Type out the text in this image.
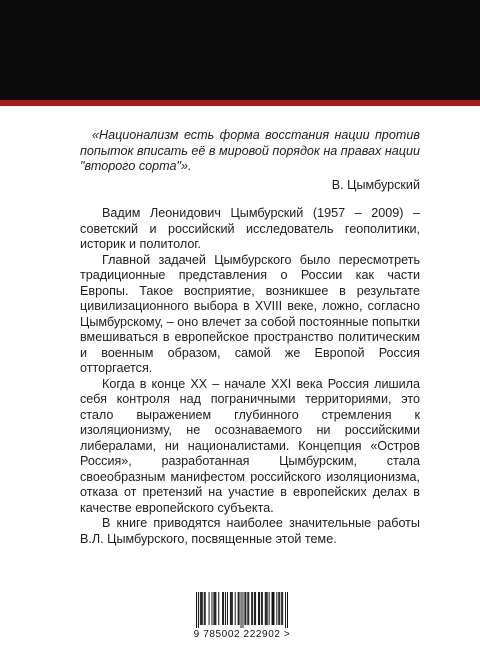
«Национализм есть форма восстания нации против попыток вписать её в мировой порядок на правах нации "второго сорта"».

В. Цымбурский

Вадим Леонидович Цымбурский (1957 – 2009) – советский и российский исследователь геополитики, историк и политолог.

Главной задачей Цымбурского было пересмотреть традиционные представления о России как части Европы. Такое восприятие, возникшее в результате цивилизационного выбора в XVIII веке, ложно, согласно Цымбурскому, – оно влечет за собой постоянные попытки вмешиваться в европейское пространство политическим и военным образом, самой же Европой Россия отторгается.

Когда в конце XX – начале XXI века Россия лишила себя контроля над пограничными территориями, это стало выражением глубинного стремления к изоляционизму, не осознаваемого ни российскими либералами, ни националистами. Концепция «Остров Россия», разработанная Цымбурским, стала своеобразным манифестом российского изоляционизма, отказа от претензий на участие в европейских делах в качестве европейского субъекта.

В книге приводятся наиболее значительные работы В.Л. Цымбурского, посвященные этой теме.

9 785002 222902 >
